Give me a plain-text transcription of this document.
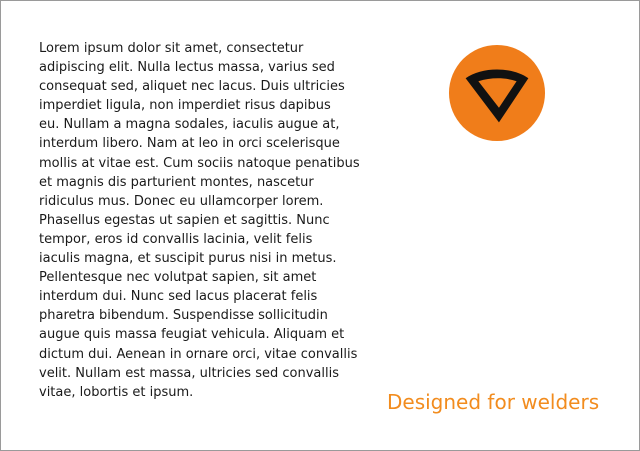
Lorem ipsum dolor sit amet, consectetur
adipiscing elit. Nulla lectus massa, varius sed
consequat sed, aliquet nec lacus. Duis ultricies
imperdiet ligula, non imperdiet risus dapibus
eu. Nullam a magna sodales, iaculis augue at,
interdum libero. Nam at leo in orci scelerisque
mollis at vitae est. Cum sociis natoque penatibus
et magnis dis parturient montes, nascetur
ridiculus mus. Donec eu ullamcorper lorem.
Phasellus egestas ut sapien et sagittis. Nunc
tempor, eros id convallis lacinia, velit felis
iaculis magna, et suscipit purus nisi in metus.
Pellentesque nec volutpat sapien, sit amet
interdum dui. Nunc sed lacus placerat felis
pharetra bibendum. Suspendisse sollicitudin
augue quis massa feugiat vehicula. Aliquam et
dictum dui. Aenean in ornare orci, vitae convallis
velit. Nullam est massa, ultricies sed convallis
vitae, lobortis et ipsum.	Designed for welders
